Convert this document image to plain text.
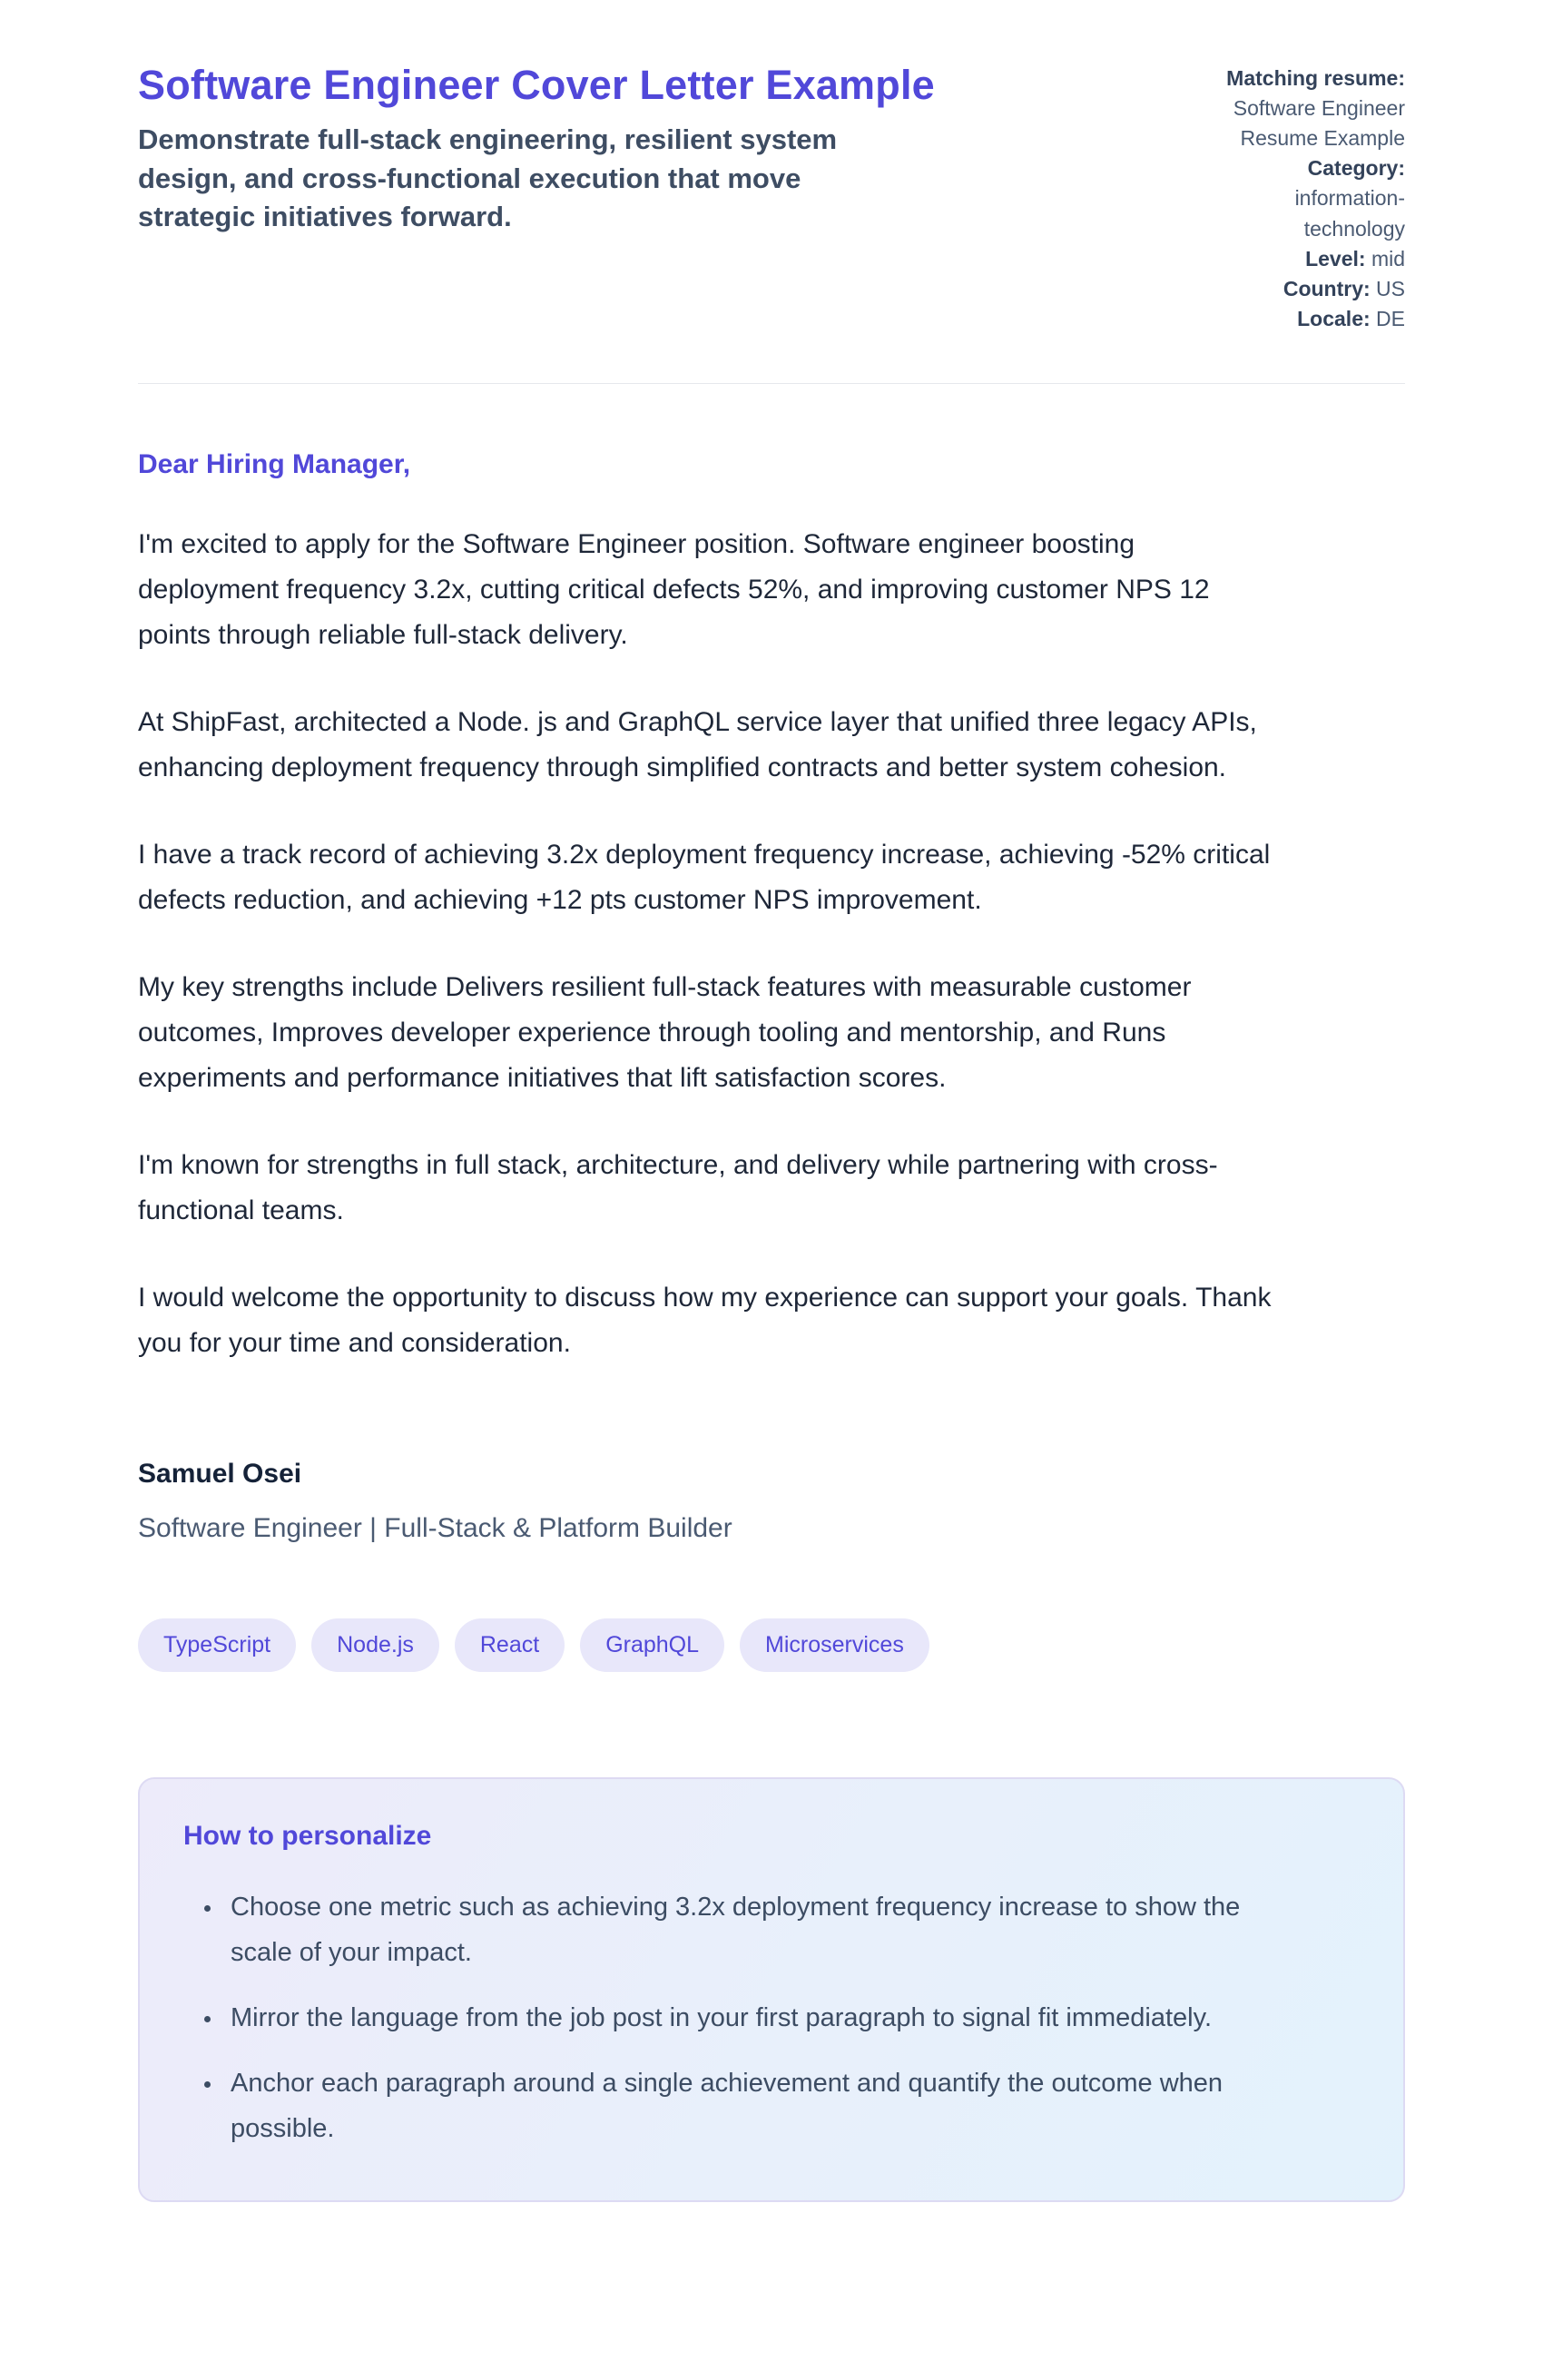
Software Engineer Cover Letter Example

Demonstrate full-stack engineering, resilient system design, and cross-functional execution that move strategic initiatives forward.

Matching resume: Software Engineer Resume Example
Category: information-technology
Level: mid
Country: US
Locale: DE

Dear Hiring Manager,

I'm excited to apply for the Software Engineer position. Software engineer boosting deployment frequency 3.2x, cutting critical defects 52%, and improving customer NPS 12 points through reliable full-stack delivery.

At ShipFast, architected a Node. js and GraphQL service layer that unified three legacy APIs, enhancing deployment frequency through simplified contracts and better system cohesion.

I have a track record of achieving 3.2x deployment frequency increase, achieving -52% critical defects reduction, and achieving +12 pts customer NPS improvement.

My key strengths include Delivers resilient full-stack features with measurable customer outcomes, Improves developer experience through tooling and mentorship, and Runs experiments and performance initiatives that lift satisfaction scores.

I'm known for strengths in full stack, architecture, and delivery while partnering with cross-functional teams.

I would welcome the opportunity to discuss how my experience can support your goals. Thank you for your time and consideration.

Samuel Osei

Software Engineer | Full-Stack & Platform Builder

TypeScript	Node.js	React	GraphQL	Microservices
How to personalize
• Choose one metric such as achieving 3.2x deployment frequency increase to show the scale of your impact.
• Mirror the language from the job post in your first paragraph to signal fit immediately.
• Anchor each paragraph around a single achievement and quantify the outcome when possible.
